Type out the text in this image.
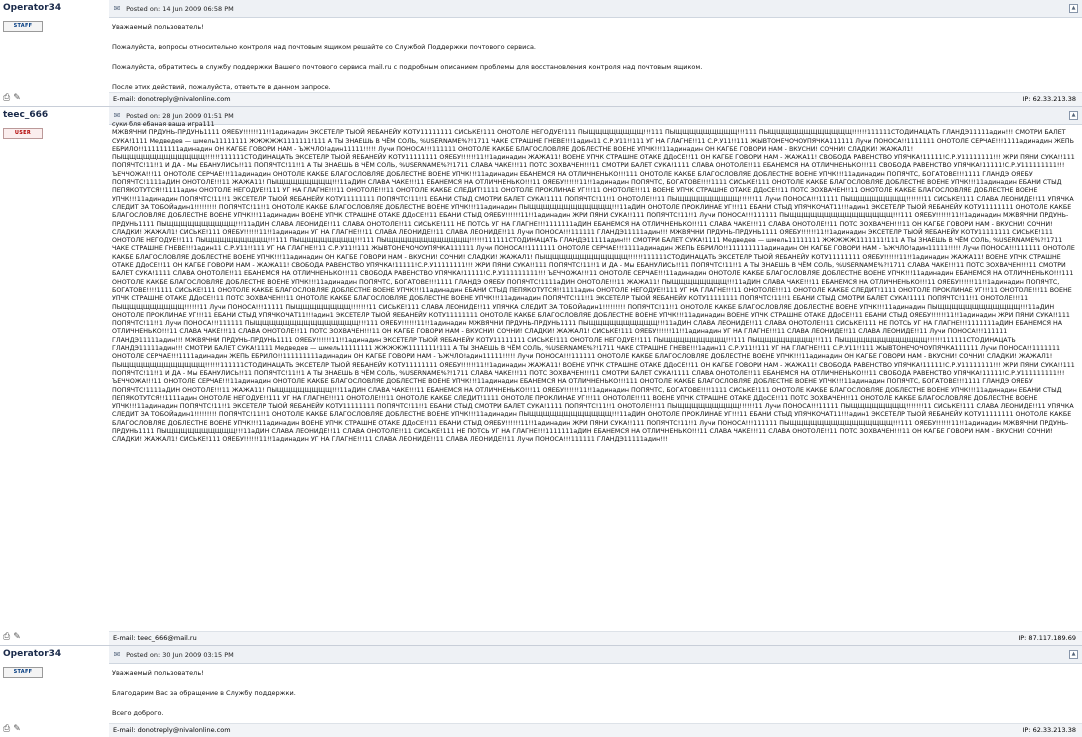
Operator34
STAFF
⎙ ✎
✉ Posted on: 14 Jun 2009 06:58 PM	▲

Уважаемый пользователь!

Пожалуйста, вопросы относительно контроля над почтовым ящиком решайте со Службой Поддержки почтового сервиса.

Пожалуйста, обратитесь в службу поддержки Вашего почтового сервиса mail.ru с подробным описанием проблемы для восстановления контроля над почтовым ящиком.

После этих действий, пожалуйста, ответьте в данном запросе.

E-mail: donotreply@nivalonline.com	IP: 62.33.213.38
teec_666
USER
⎙ ✎
✉ Posted on: 28 Jun 2009 01:51 PM	▲

суки бля ебаная ваша игра111

МЖВЯЧНИ ПРДУНЬ-ПРДУНЬ1111 ОЯЕБУ!!!!!!11!!1адинадин ЭКСЕТЕЛР ТЫОЙ ЯЕБАНЕЙУ КОТУ11111111 СИСЬКЕ!111 ОНОТОЛЕ НЕГОДУЕ!111 ПЫЩЩЩЩЩЩЩЩ!!!111 ПЫЩЩЩЩЩЩЩЩЩ!!!111 ПЫЩЩЩЩЩЩЩЩЩЩЩЩ!!!!!!111111СТОДИНАЦАТЬ ГЛАНДЭ11111адин!!! СМОТРИ БАЛЕТ СУКА!1111 Медведев — шмель11111111 ЖЖЖЖЖ1111111!111 А ТЫ ЗНАЕШЬ В ЧЁМ СОЛЬ, %USERNAME%?!1711 ЧАКЕ СТРАШНЕ ГНЕВЕ!!!1адин11 С.Р.У11!!111 УГ НА ГЛАГНЕ!!11 С.Р.У11!!111 ЖЫВТОНЕЧОЧОУПЯЧКА111111 Лучи ПОНОСА!!1111111 ОНОТОЛЕ СЕРЧАЕ!!!1111адинадин ЖЕПЬ ЕБРИЛО!!111111111адинадин ОН КАГБЕ ГОВОРИ НАМ - ЪЖЧЛО!адин11111!!!!! Лучи ПОНОСА!!!111111 ОНОТОЛЕ КАКБЕ БЛАГОСЛОВЛЯЕ ДОБЛЕСТНЕ ВОЕНЕ УПЧК!!!11адинадин ОН КАГБЕ ГОВОРИ НАМ - ВКУСНИ! СОЧНИ! СЛАДКИ! ЖАЖАЛ1! ПЫЩЩЩЩЩЩЩЩЩЩЩЩ!!!!!!111111СТОДИНАЦАТЬ ЭКСЕТЕЛР ТЫОЙ ЯЕБАНЕЙУ КОТУ11111111 ОЯЕБУ!!!!!!11!!1адинадин ЖАЖА11! ВОЕНЕ УПЧК СТРАШНЕ ОТАКЕ ДДоСЕ!!11 ОН КАГБЕ ГОВОРИ НАМ - ЖАЖА11! СВОБОДА РАВЕНСТВО УПЯЧКА!11111!С.Р.У11111111!!! ЖРИ ПЯНИ СУКА!!111 ПОПЯЧТС!11!!1 И ДА - Мы ЕБАНУЛИСЬ!!11 ПОПЯЧТС!11!!1 А ТЫ ЗНАЕШЬ В ЧЁМ СОЛЬ, %USERNAME%?!1711 СЛАВА ЧАКЕ!!!11 ПОТС ЗОХВАЧЕН!!!11 СМОТРИ БАЛЕТ СУКА!1111 СЛАВА ОНОТОЛЕ!!11 ЕБАНЕМСЯ НА ОТЛИЧНЕНЬКО!!!11 СВОБОДА РАВЕНСТВО УПЯЧКА!11111!С.Р.У111111111!!! ЪЕЧЧОЖА!!!11 ОНОТОЛЕ СЕРЧАЕ!!!11адинадин ОНОТОЛЕ КАКБЕ БЛАГОСЛОВЛЯЕ ДОБЛЕСТНЕ ВОЕНЕ УПЧК!!!11адинадин ЕБАНЕМСЯ НА ОТЛИЧНЕНЬКО!!!111 ОНОТОЛЕ КАКБЕ БЛАГОСЛОВЛЯЕ ДОБЛЕСТНЕ ВОЕНЕ УПЧК!!!11адинадин ПОПЯЧТС, БОГАТОВЕ!!!1111 ГЛАНДЭ ОЯЕБУ ПОПЯЧТС!1111аДИН ОНОТОЛЕ!!!11 ЖАЖА11! ПЫЩЩЩЩЩЩЩЩ!!!11аДИН СЛАВА ЧАКЕ!!!11 ЕБАНЕМСЯ НА ОТЛИЧНЕНЬКО!!!11 ОЯЕБУ!!!!!!11!!1адинадин ПОПЯЧТС, БОГАТОВЕ!!!!1111 СИСЬКЕ!111 ОНОТОЛЕ КАКБЕ БЛАГОСЛОВЛЯЕ ДОБЛЕСТНЕ ВОЕНЕ УПЧК!!!11адинадин ЕБАНИ СТЫД ПЕПЯКОТУТСЯ!!1111адин ОНОТОЛЕ НЕГОДУЕ!!111 УГ НА ГЛАГНЕ!!!11 ОНОТОЛЕ!!!11 ОНОТОЛЕ КАКБЕ СЛЕДИТ!1111 ОНОТОЛЕ ПРОКЛИНАЕ УГ!!!11 ОНОТОЛЕ!!!11 ВОЕНЕ УПЧК СТРАШНЕ ОТАКЕ ДДоСЕ!!11 ПОТС ЗОХВАЧЕН!!11 ОНОТОЛЕ КАКБЕ БЛАГОСЛОВЛЯЕ ДОБЛЕСТНЕ ВОЕНЕ УПЧК!!!11адинадин ПОПЯЧТС!11!!1 ЭКСЕТЕЛР ТЫОЙ ЯЕБАНЕЙУ КОТУ11111111 ПОПЯЧТС!11!!1 ЕБАНИ СТЫД СМОТРИ БАЛЕТ СУКА!1111 ПОПЯЧТС!11!!1 ОНОТОЛЕ!!!11 ПЫЩЩЩЩЩЩЩЩЩ!!!!!!11 Лучи ПОНОСА!!!11111 ПЫЩЩЩЩЩЩЩЩ!!!!!!!11 СИСЬКЕ!111 СЛАВА ЛЕОНИДЕ!!11 УПЯЧКА СЛЕДИТ ЗА ТОБОЙадин1!!!!!!!!! ПОПЯЧТС!11!!1 ОНОТОЛЕ КАКБЕ БЛАГОСЛОВЛЯЕ ДОБЛЕСТНЕ ВОЕНЕ УПЧК!!!11адинадин ПЫЩЩЩЩЩЩЩЩЩЩЩЩ!!!11аДИН ОНОТОЛЕ ПРОКЛИНАЕ УГ!!!11 ЕБАНИ СТЫД УПЯЧКОЧАТ11!!!адин1 ЭКСЕТЕЛР ТЫОЙ ЯЕБАНЕЙУ КОТУ11111111 ОНОТОЛЕ КАКБЕ БЛАГОСЛОВЛЯЕ ДОБЛЕСТНЕ ВОЕНЕ УПЧК!!!11адинадин ВОЕНЕ УПЧК СТРАШНЕ ОТАКЕ ДДоСЕ!!11 ЕБАНИ СТЫД ОЯЕБУ!!!!!!11!!1адинадин ЖРИ ПЯНИ СУКА!!111 ПОПЯЧТС!11!!1 Лучи ПОНОСА!!!111111 ПЫЩЩЩЩЩЩЩЩЩЩЩЩЩЩЩ!!!111 ОЯЕБУ!!!!!!11!!1адинадин МЖВЯЧНИ ПРДУНЬ-ПРДУНЬ1111 ПЫЩЩЩЩЩЩЩЩЩЩ!!!11аДИН СЛАВА ЛЕОНИДЕ!!11 СЛАВА ОНОТОЛЕ!!11 СИСЬКЕ!111 НЕ ПОТСЬ УГ НА ГЛАГНЕ!!!1111111аДИН ЕБАНЕМСЯ НА ОТЛИЧНЕНЬКО!!!11 СЛАВА ЧАКЕ!!!11 СЛАВА ОНОТОЛЕ!!11 ПОТС ЗОХВАЧЕН!!!11 ОН КАГБЕ ГОВОРИ НАМ - ВКУСНИ! СОЧНИ! СЛАДКИ! ЖАЖАЛ1! СИСЬКЕ!111 ОЯЕБУ!!!!!!11!!1адинадин УГ НА ГЛАГНЕ!!!11 СЛАВА ЛЕОНИДЕ!!11 СЛАВА ЛЕОНИДЕ!!11 Лучи ПОНОСА!!!111111 ГЛАНДЭ11111адин!!! МЖВЯЧНИ ПРДУНЬ-ПРДУНЬ1111 ОЯЕБУ!!!!!!11!!1адинадин ЭКСЕТЕЛР ТЫОЙ ЯЕБАНЕЙУ КОТУ11111111 СИСЬКЕ!111 ОНОТОЛЕ НЕГОДУЕ!!111 ПЫЩЩЩЩЩЩЩЩЩ!!!111 ПЫЩЩЩЩЩЩЩЩ!!!111 ПЫЩЩЩЩЩЩЩЩЩЩЩЩ!!!!!!111111СТОДИНАЦАТЬ ГЛАНДЭ11111адин!!! СМОТРИ БАЛЕТ СУКА!1111 Медведев — шмель11111111 ЖЖЖЖЖ1111111!111 А ТЫ ЗНАЕШЬ В ЧЁМ СОЛЬ, %USERNAME%?!1711 ЧАКЕ СТРАШНЕ ГНЕВЕ!!!1адин11 С.Р.У11!!111 УГ НА ГЛАГНЕ!!11 С.Р.У11!!111 ЖЫВТОНЕЧОЧОУПЯЧКА111111 Лучи ПОНОСА!!1111111 ОНОТОЛЕ СЕРЧАЕ!!!1111адинадин ЖЕПЬ ЕБРИЛО!!111111111адинадин ОН КАГБЕ ГОВОРИ НАМ - ЪЖЧЛО!адин11111!!!!! Лучи ПОНОСА!!!111111 ОНОТОЛЕ КАКБЕ БЛАГОСЛОВЛЯЕ ДОБЛЕСТНЕ ВОЕНЕ УПЧК!!!11адинадин ОН КАГБЕ ГОВОРИ НАМ - ВКУСНИ! СОЧНИ! СЛАДКИ! ЖАЖАЛ1! ПЫЩЩЩЩЩЩЩЩЩЩЩЩ!!!!!!111111СТОДИНАЦАТЬ ЭКСЕТЕЛР ТЫОЙ ЯЕБАНЕЙУ КОТУ11111111 ОЯЕБУ!!!!!!11!!1адинадин ЖАЖА11! ВОЕНЕ УПЧК СТРАШНЕ ОТАКЕ ДДоСЕ!!11 ОН КАГБЕ ГОВОРИ НАМ - ЖАЖА11! СВОБОДА РАВЕНСТВО УПЯЧКА!11111!С.Р.У11111111!!! ЖРИ ПЯНИ СУКА!!111 ПОПЯЧТС!11!!1 И ДА - Мы ЕБАНУЛИСЬ!!11 ПОПЯЧТС!11!!1 А ТЫ ЗНАЕШЬ В ЧЁМ СОЛЬ, %USERNAME%?!1711 СЛАВА ЧАКЕ!!!11 ПОТС ЗОХВАЧЕН!!!11 СМОТРИ БАЛЕТ СУКА!1111 СЛАВА ОНОТОЛЕ!!11 ЕБАНЕМСЯ НА ОТЛИЧНЕНЬКО!!!11 СВОБОДА РАВЕНСТВО УПЯЧКА!11111!С.Р.У111111111!!! ЪЕЧЧОЖА!!!11 ОНОТОЛЕ СЕРЧАЕ!!!11адинадин ОНОТОЛЕ КАКБЕ БЛАГОСЛОВЛЯЕ ДОБЛЕСТНЕ ВОЕНЕ УПЧК!!!11адинадин ЕБАНЕМСЯ НА ОТЛИЧНЕНЬКО!!!111 ОНОТОЛЕ КАКБЕ БЛАГОСЛОВЛЯЕ ДОБЛЕСТНЕ ВОЕНЕ УПЧК!!!11адинадин ПОПЯЧТС, БОГАТОВЕ!!!1111 ГЛАНДЭ ОЯЕБУ ПОПЯЧТС!1111аДИН ОНОТОЛЕ!!!11 ЖАЖА11! ПЫЩЩЩЩЩЩЩЩ!!!11аДИН СЛАВА ЧАКЕ!!!11 ЕБАНЕМСЯ НА ОТЛИЧНЕНЬКО!!!11 ОЯЕБУ!!!!!!11!!1адинадин ПОПЯЧТС, БОГАТОВЕ!!!!1111 СИСЬКЕ!111 ОНОТОЛЕ КАКБЕ БЛАГОСЛОВЛЯЕ ДОБЛЕСТНЕ ВОЕНЕ УПЧК!!!11адинадин ЕБАНИ СТЫД ПЕПЯКОТУТСЯ!!1111адин ОНОТОЛЕ НЕГОДУЕ!!111 УГ НА ГЛАГНЕ!!!11 ОНОТОЛЕ!!!11 ОНОТОЛЕ КАКБЕ СЛЕДИТ!1111 ОНОТОЛЕ ПРОКЛИНАЕ УГ!!!11 ОНОТОЛЕ!!!11 ВОЕНЕ УПЧК СТРАШНЕ ОТАКЕ ДДоСЕ!!11 ПОТС ЗОХВАЧЕН!!11 ОНОТОЛЕ КАКБЕ БЛАГОСЛОВЛЯЕ ДОБЛЕСТНЕ ВОЕНЕ УПЧК!!!11адинадин ПОПЯЧТС!11!!1 ЭКСЕТЕЛР ТЫОЙ ЯЕБАНЕЙУ КОТУ11111111 ПОПЯЧТС!11!!1 ЕБАНИ СТЫД СМОТРИ БАЛЕТ СУКА!1111 ПОПЯЧТС!11!!1 ОНОТОЛЕ!!!11 ПЫЩЩЩЩЩЩЩЩЩ!!!!!!11 Лучи ПОНОСА!!!11111 ПЫЩЩЩЩЩЩЩЩ!!!!!!!11 СИСЬКЕ!111 СЛАВА ЛЕОНИДЕ!!11 УПЯЧКА СЛЕДИТ ЗА ТОБОЙадин1!!!!!!!!! ПОПЯЧТС!11!!1 ОНОТОЛЕ КАКБЕ БЛАГОСЛОВЛЯЕ ДОБЛЕСТНЕ ВОЕНЕ УПЧК!!!11адинадин ПЫЩЩЩЩЩЩЩЩЩЩЩЩ!!!11аДИН ОНОТОЛЕ ПРОКЛИНАЕ УГ!!!11 ЕБАНИ СТЫД УПЯЧКОЧАТ11!!!адин1 ЭКСЕТЕЛР ТЫОЙ ЯЕБАНЕЙУ КОТУ11111111 ОНОТОЛЕ КАКБЕ БЛАГОСЛОВЛЯЕ ДОБЛЕСТНЕ ВОЕНЕ УПЧК!!!11адинадин ВОЕНЕ УПЧК СТРАШНЕ ОТАКЕ ДДоСЕ!!11 ЕБАНИ СТЫД ОЯЕБУ!!!!!!11!!1адинадин ЖРИ ПЯНИ СУКА!!111 ПОПЯЧТС!11!!1 Лучи ПОНОСА!!!111111 ПЫЩЩЩЩЩЩЩЩЩЩЩЩЩЩЩ!!!111 ОЯЕБУ!!!!!!11!!1адинадин МЖВЯЧНИ ПРДУНЬ-ПРДУНЬ1111 ПЫЩЩЩЩЩЩЩЩЩЩ!!!11аДИН СЛАВА ЛЕОНИДЕ!!11 СЛАВА ОНОТОЛЕ!!11 СИСЬКЕ!111 НЕ ПОТСЬ УГ НА ГЛАГНЕ!!!1111111аДИН ЕБАНЕМСЯ НА ОТЛИЧНЕНЬКО!!!11 СЛАВА ЧАКЕ!!!11 СЛАВА ОНОТОЛЕ!!11 ПОТС ЗОХВАЧЕН!!!11 ОН КАГБЕ ГОВОРИ НАМ - ВКУСНИ! СОЧНИ! СЛАДКИ! ЖАЖАЛ1! СИСЬКЕ!111 ОЯЕБУ!!!!!!11!!1адинадин УГ НА ГЛАГНЕ!!!11 СЛАВА ЛЕОНИДЕ!!11 СЛАВА ЛЕОНИДЕ!!11 Лучи ПОНОСА!!!111111 ГЛАНДЭ11111адин!!! МЖВЯЧНИ ПРДУНЬ-ПРДУНЬ1111 ОЯЕБУ!!!!!!11!!1адинадин ЭКСЕТЕЛР ТЫОЙ ЯЕБАНЕЙУ КОТУ11111111 СИСЬКЕ!111 ОНОТОЛЕ НЕГОДУЕ!!111 ПЫЩЩЩЩЩЩЩЩЩ!!!111 ПЫЩЩЩЩЩЩЩЩ!!!111 ПЫЩЩЩЩЩЩЩЩЩЩЩЩ!!!!!!111111СТОДИНАЦАТЬ ГЛАНДЭ11111адин!!! СМОТРИ БАЛЕТ СУКА!1111 Медведев — шмель11111111 ЖЖЖЖЖ1111111!111 А ТЫ ЗНАЕШЬ В ЧЁМ СОЛЬ, %USERNAME%?!1711 ЧАКЕ СТРАШНЕ ГНЕВЕ!!!1адин11 С.Р.У11!!111 УГ НА ГЛАГНЕ!!11 С.Р.У11!!111 ЖЫВТОНЕЧОЧОУПЯЧКА111111 Лучи ПОНОСА!!1111111 ОНОТОЛЕ СЕРЧАЕ!!!1111адинадин ЖЕПЬ ЕБРИЛО!!111111111адинадин ОН КАГБЕ ГОВОРИ НАМ - ЪЖЧЛО!адин11111!!!!! Лучи ПОНОСА!!!111111 ОНОТОЛЕ КАКБЕ БЛАГОСЛОВЛЯЕ ДОБЛЕСТНЕ ВОЕНЕ УПЧК!!!11адинадин ОН КАГБЕ ГОВОРИ НАМ - ВКУСНИ! СОЧНИ! СЛАДКИ! ЖАЖАЛ1! ПЫЩЩЩЩЩЩЩЩЩЩЩЩ!!!!!!111111СТОДИНАЦАТЬ ЭКСЕТЕЛР ТЫОЙ ЯЕБАНЕЙУ КОТУ11111111 ОЯЕБУ!!!!!!11!!1адинадин ЖАЖА11! ВОЕНЕ УПЧК СТРАШНЕ ОТАКЕ ДДоСЕ!!11 ОН КАГБЕ ГОВОРИ НАМ - ЖАЖА11! СВОБОДА РАВЕНСТВО УПЯЧКА!11111!С.Р.У11111111!!! ЖРИ ПЯНИ СУКА!!111 ПОПЯЧТС!11!!1 И ДА - Мы ЕБАНУЛИСЬ!!11 ПОПЯЧТС!11!!1 А ТЫ ЗНАЕШЬ В ЧЁМ СОЛЬ, %USERNAME%?!1711 СЛАВА ЧАКЕ!!!11 ПОТС ЗОХВАЧЕН!!!11 СМОТРИ БАЛЕТ СУКА!1111 СЛАВА ОНОТОЛЕ!!11 ЕБАНЕМСЯ НА ОТЛИЧНЕНЬКО!!!11 СВОБОДА РАВЕНСТВО УПЯЧКА!11111!С.Р.У111111111!!! ЪЕЧЧОЖА!!!11 ОНОТОЛЕ СЕРЧАЕ!!!11адинадин ОНОТОЛЕ КАКБЕ БЛАГОСЛОВЛЯЕ ДОБЛЕСТНЕ ВОЕНЕ УПЧК!!!11адинадин ЕБАНЕМСЯ НА ОТЛИЧНЕНЬКО!!!111 ОНОТОЛЕ КАКБЕ БЛАГОСЛОВЛЯЕ ДОБЛЕСТНЕ ВОЕНЕ УПЧК!!!11адинадин ПОПЯЧТС, БОГАТОВЕ!!!1111 ГЛАНДЭ ОЯЕБУ ПОПЯЧТС!1111аДИН ОНОТОЛЕ!!!11 ЖАЖА11! ПЫЩЩЩЩЩЩЩЩ!!!11аДИН СЛАВА ЧАКЕ!!!11 ЕБАНЕМСЯ НА ОТЛИЧНЕНЬКО!!!11 ОЯЕБУ!!!!!!11!!1адинадин ПОПЯЧТС, БОГАТОВЕ!!!!1111 СИСЬКЕ!111 ОНОТОЛЕ КАКБЕ БЛАГОСЛОВЛЯЕ ДОБЛЕСТНЕ ВОЕНЕ УПЧК!!!11адинадин ЕБАНИ СТЫД ПЕПЯКОТУТСЯ!!1111адин ОНОТОЛЕ НЕГОДУЕ!!111 УГ НА ГЛАГНЕ!!!11 ОНОТОЛЕ!!!11 ОНОТОЛЕ КАКБЕ СЛЕДИТ!1111 ОНОТОЛЕ ПРОКЛИНАЕ УГ!!!11 ОНОТОЛЕ!!!11 ВОЕНЕ УПЧК СТРАШНЕ ОТАКЕ ДДоСЕ!!11 ПОТС ЗОХВАЧЕН!!11 ОНОТОЛЕ КАКБЕ БЛАГОСЛОВЛЯЕ ДОБЛЕСТНЕ ВОЕНЕ УПЧК!!!11адинадин ПОПЯЧТС!11!!1 ЭКСЕТЕЛР ТЫОЙ ЯЕБАНЕЙУ КОТУ11111111 ПОПЯЧТС!11!!1 ЕБАНИ СТЫД СМОТРИ БАЛЕТ СУКА!1111 ПОПЯЧТС!11!!1 ОНОТОЛЕ!!!11 ПЫЩЩЩЩЩЩЩЩЩ!!!!!!11 Лучи ПОНОСА!!!11111 ПЫЩЩЩЩЩЩЩЩ!!!!!!!11 СИСЬКЕ!111 СЛАВА ЛЕОНИДЕ!!11 УПЯЧКА СЛЕДИТ ЗА ТОБОЙадин1!!!!!!!!! ПОПЯЧТС!11!!1 ОНОТОЛЕ КАКБЕ БЛАГОСЛОВЛЯЕ ДОБЛЕСТНЕ ВОЕНЕ УПЧК!!!11адинадин ПЫЩЩЩЩЩЩЩЩЩЩЩЩ!!!11аДИН ОНОТОЛЕ ПРОКЛИНАЕ УГ!!!11 ЕБАНИ СТЫД УПЯЧКОЧАТ11!!!адин1 ЭКСЕТЕЛР ТЫОЙ ЯЕБАНЕЙУ КОТУ11111111 ОНОТОЛЕ КАКБЕ БЛАГОСЛОВЛЯЕ ДОБЛЕСТНЕ ВОЕНЕ УПЧК!!!11адинадин ВОЕНЕ УПЧК СТРАШНЕ ОТАКЕ ДДоСЕ!!11 ЕБАНИ СТЫД ОЯЕБУ!!!!!!11!!1адинадин ЖРИ ПЯНИ СУКА!!111 ПОПЯЧТС!11!!1 Лучи ПОНОСА!!!111111 ПЫЩЩЩЩЩЩЩЩЩЩЩЩЩЩЩ!!!111 ОЯЕБУ!!!!!!11!!1адинадин МЖВЯЧНИ ПРДУНЬ-ПРДУНЬ1111 ПЫЩЩЩЩЩЩЩЩЩЩ!!!11аДИН СЛАВА ЛЕОНИДЕ!!11 СЛАВА ОНОТОЛЕ!!11 СИСЬКЕ!111 НЕ ПОТСЬ УГ НА ГЛАГНЕ!!!1111111аДИН ЕБАНЕМСЯ НА ОТЛИЧНЕНЬКО!!!11 СЛАВА ЧАКЕ!!!11 СЛАВА ОНОТОЛЕ!!11 ПОТС ЗОХВАЧЕН!!!11 ОН КАГБЕ ГОВОРИ НАМ - ВКУСНИ! СОЧНИ! СЛАДКИ! ЖАЖАЛ1! СИСЬКЕ!111 ОЯЕБУ!!!!!!11!!1адинадин УГ НА ГЛАГНЕ!!!11 СЛАВА ЛЕОНИДЕ!!11 СЛАВА ЛЕОНИДЕ!!11 Лучи ПОНОСА!!!111111 ГЛАНДЭ11111адин!!!

E-mail: teec_666@mail.ru	IP: 87.117.189.69
Operator34
STAFF
⎙ ✎
✉ Posted on: 30 Jun 2009 03:15 PM	▲

Уважаемый пользователь!

Благодарим Вас за обращение в Службу поддержки.

Всего доброго.

E-mail: donotreply@nivalonline.com	IP: 62.33.213.38
